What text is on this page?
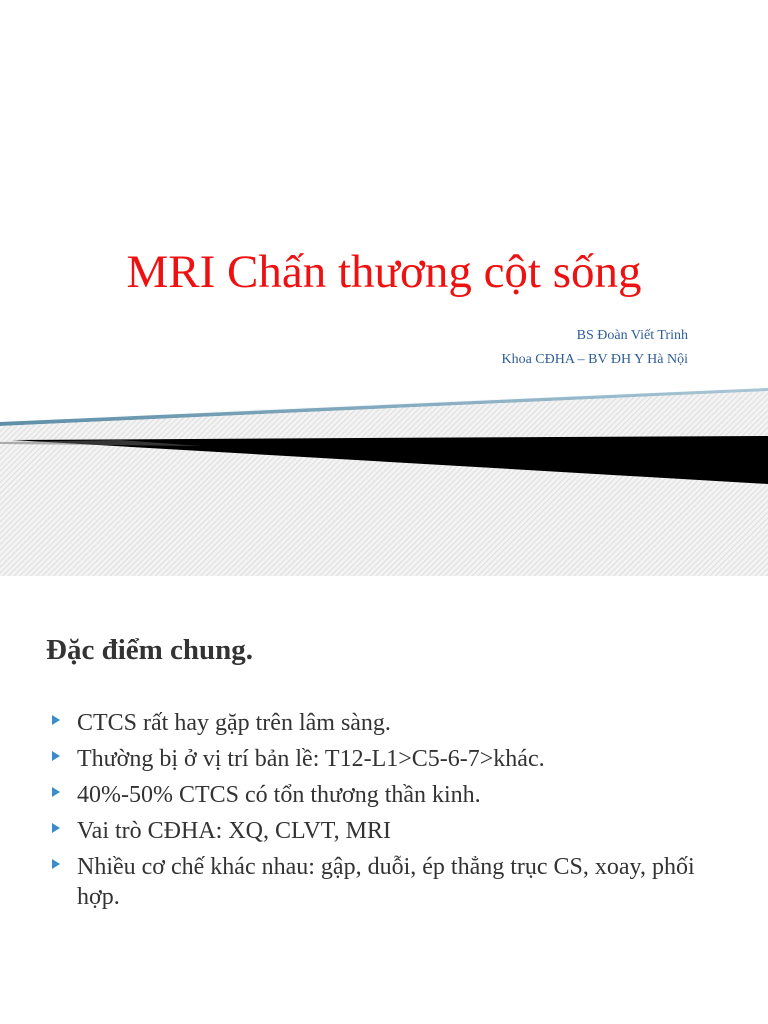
MRI Chấn thương cột sống
BS Đoàn Viết Trinh
Khoa CĐHA – BV ĐH Y Hà Nội
Đặc điểm chung.
CTCS rất hay gặp trên lâm sàng.
Thường bị ở vị trí bản lề: T12-L1>C5-6-7>khác.
40%-50% CTCS có tổn thương thần kinh.
Vai trò CĐHA: XQ, CLVT, MRI
Nhiều cơ chế khác nhau: gập, duỗi, ép thẳng trục CS, xoay, phối hợp.
